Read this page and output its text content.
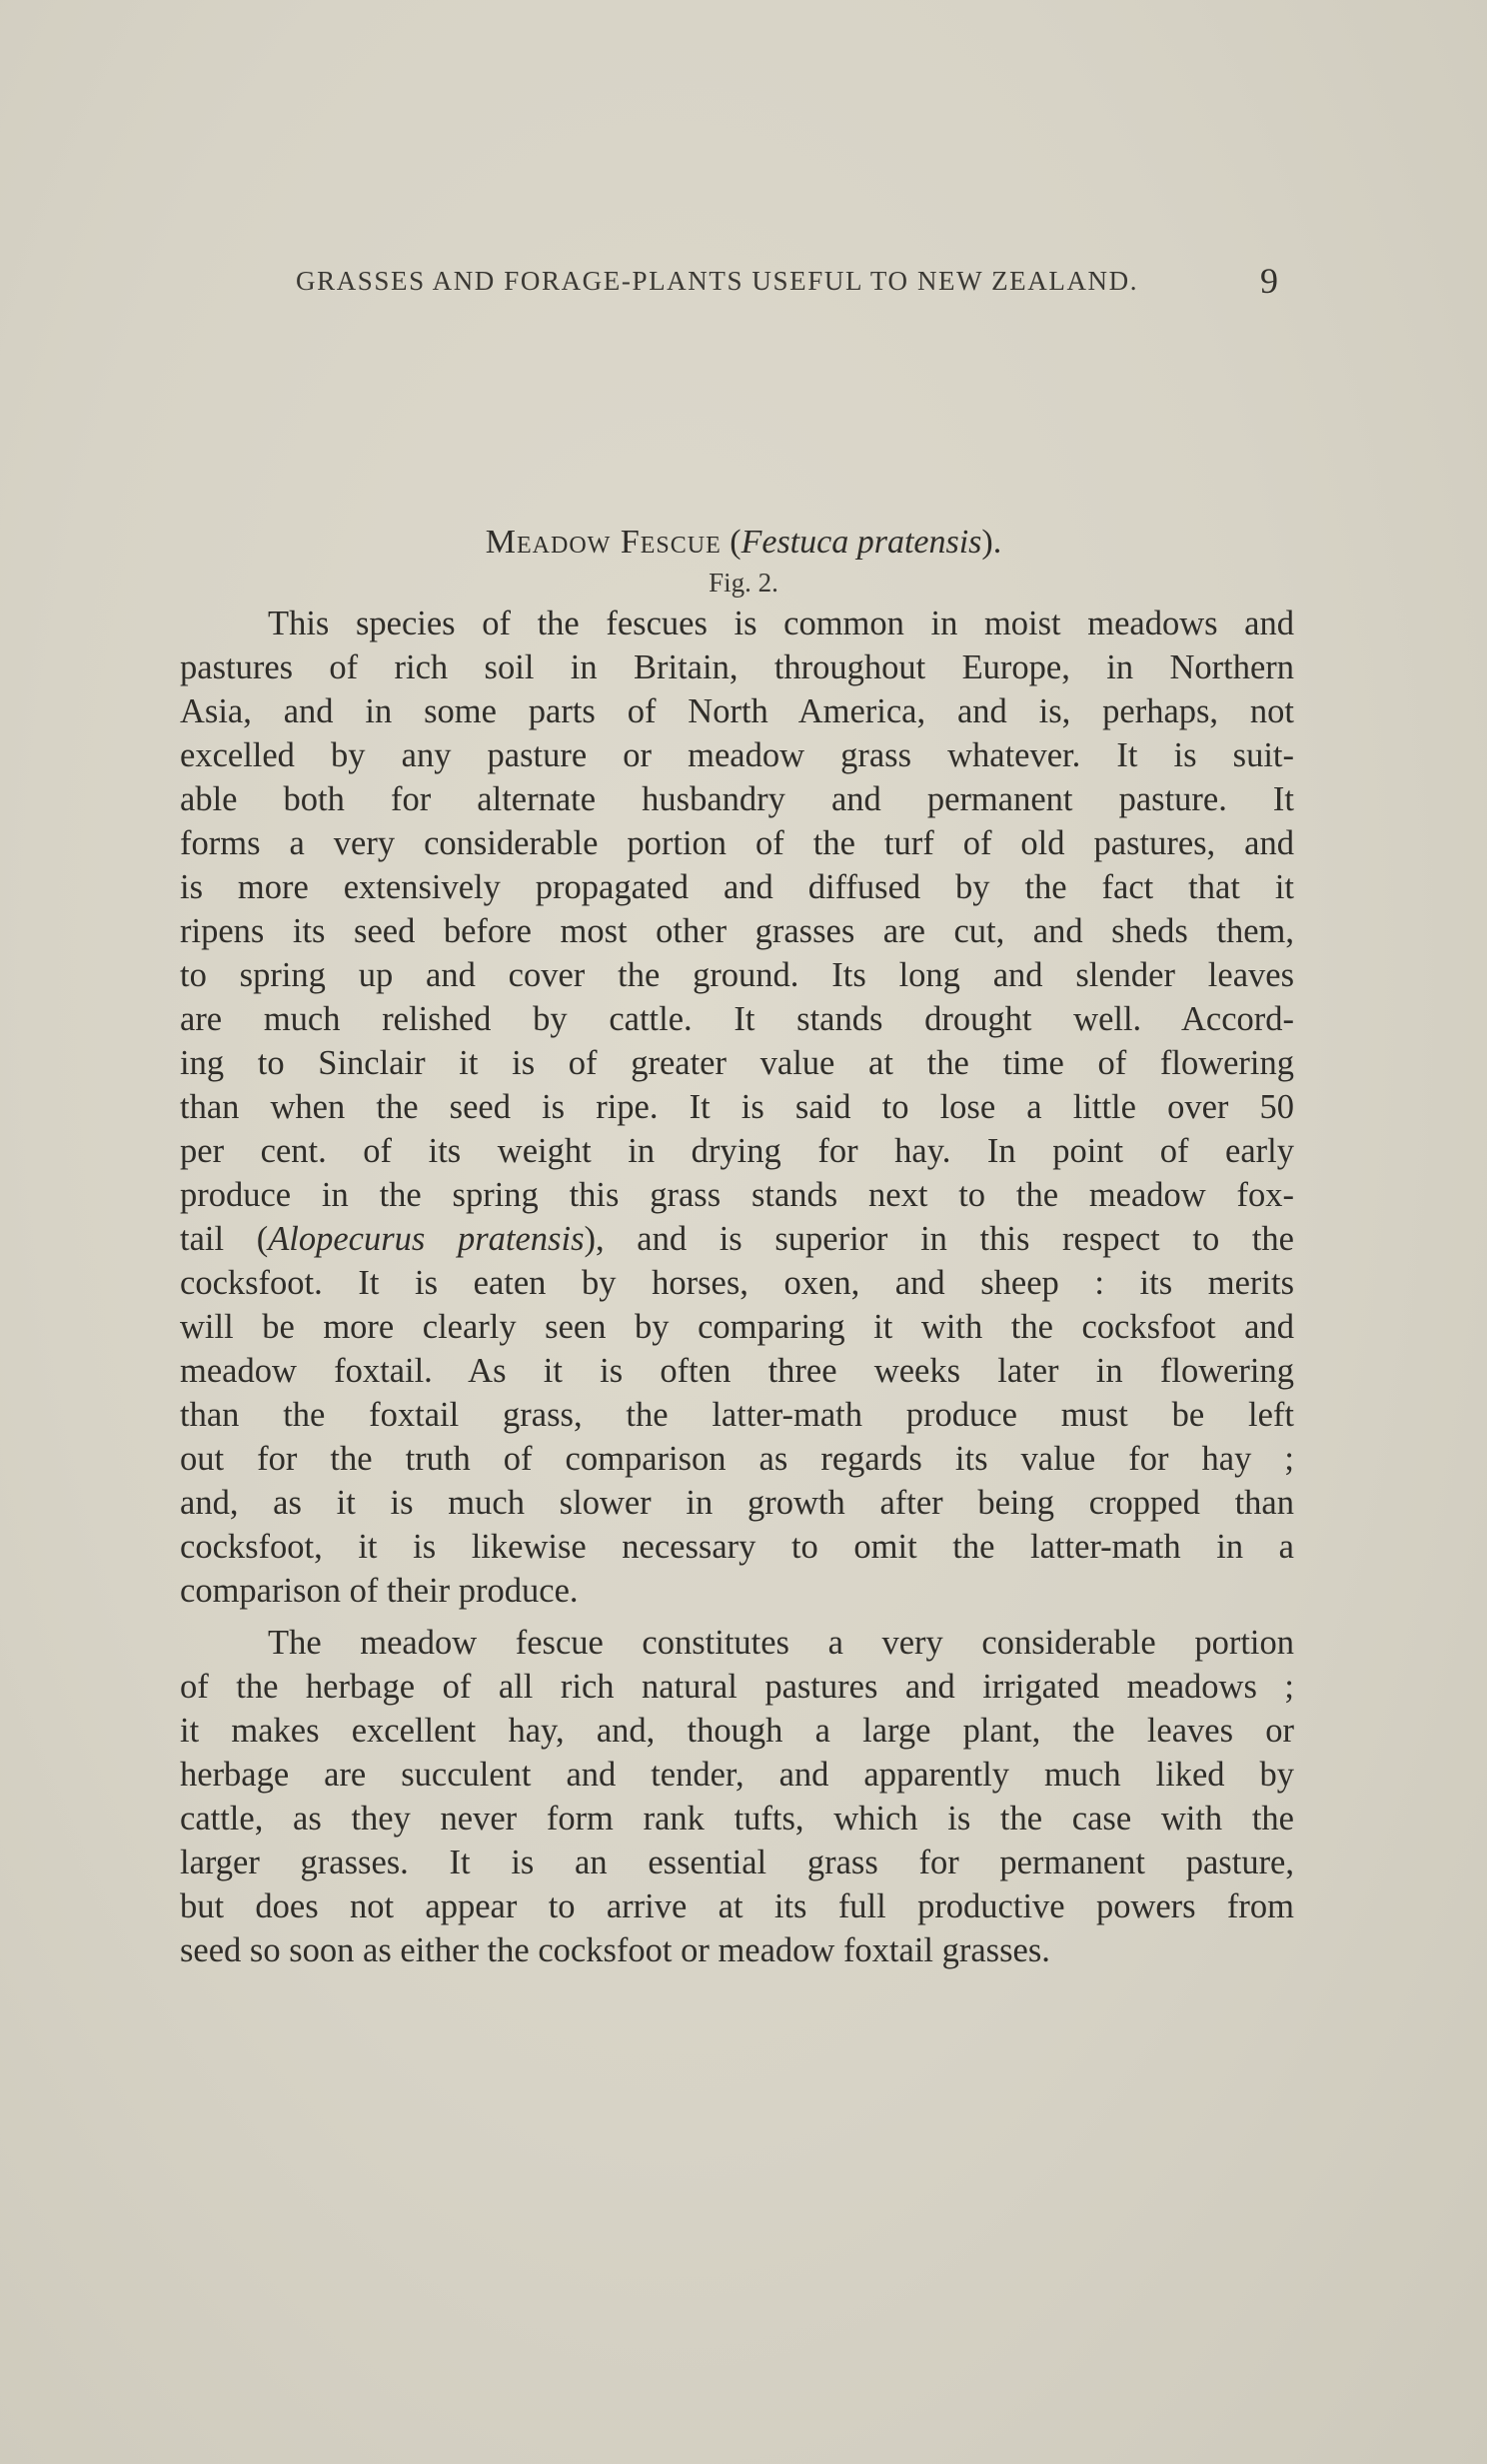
GRASSES AND FORAGE-PLANTS USEFUL TO NEW ZEALAND.	9
Meadow Fescue (Festuca pratensis).
Fig. 2.
This species of the fescues is common in moist meadows and
pastures of rich soil in Britain, throughout Europe, in Northern
Asia, and in some parts of North America, and is, perhaps, not
excelled by any pasture or meadow grass whatever. It is suit-
able both for alternate husbandry and permanent pasture. It
forms a very considerable portion of the turf of old pastures, and
is more extensively propagated and diffused by the fact that it
ripens its seed before most other grasses are cut, and sheds them,
to spring up and cover the ground. Its long and slender leaves
are much relished by cattle. It stands drought well. Accord-
ing to Sinclair it is of greater value at the time of flowering
than when the seed is ripe. It is said to lose a little over 50
per cent. of its weight in drying for hay. In point of early
produce in the spring this grass stands next to the meadow fox-
tail (Alopecurus pratensis), and is superior in this respect to the
cocksfoot. It is eaten by horses, oxen, and sheep : its merits
will be more clearly seen by comparing it with the cocksfoot and
meadow foxtail. As it is often three weeks later in flowering
than the foxtail grass, the latter-math produce must be left
out for the truth of comparison as regards its value for hay ;
and, as it is much slower in growth after being cropped than
cocksfoot, it is likewise necessary to omit the latter-math in a
comparison of their produce.
The meadow fescue constitutes a very considerable portion
of the herbage of all rich natural pastures and irrigated meadows ;
it makes excellent hay, and, though a large plant, the leaves or
herbage are succulent and tender, and apparently much liked by
cattle, as they never form rank tufts, which is the case with the
larger grasses. It is an essential grass for permanent pasture,
but does not appear to arrive at its full productive powers from
seed so soon as either the cocksfoot or meadow foxtail grasses.
